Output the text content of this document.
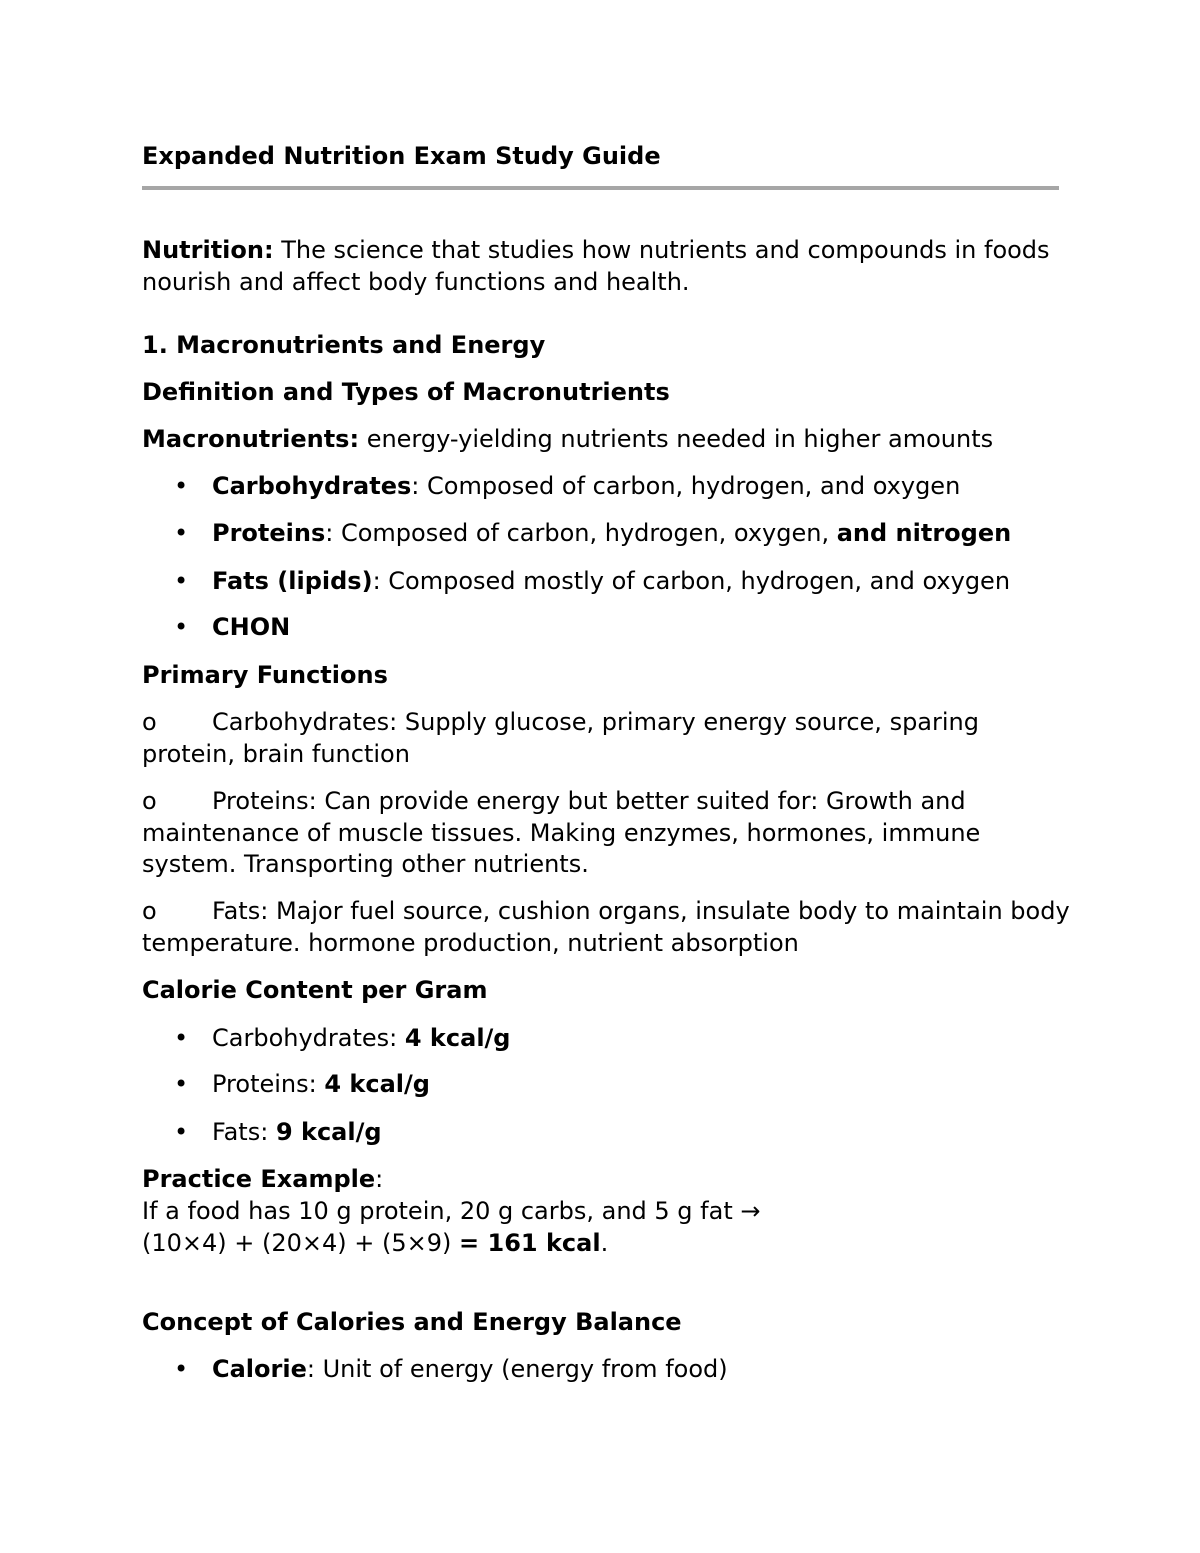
Expanded Nutrition Exam Study Guide
Nutrition: The science that studies how nutrients and compounds in foods
nourish and affect body functions and health.
1. Macronutrients and Energy
Definition and Types of Macronutrients
Macronutrients: energy-yielding nutrients needed in higher amounts
• Carbohydrates: Composed of carbon, hydrogen, and oxygen
• Proteins: Composed of carbon, hydrogen, oxygen, and nitrogen
• Fats (lipids): Composed mostly of carbon, hydrogen, and oxygen
• CHON
Primary Functions
o Carbohydrates: Supply glucose, primary energy source, sparing
protein, brain function
o Proteins: Can provide energy but better suited for: Growth and
maintenance of muscle tissues. Making enzymes, hormones, immune
system. Transporting other nutrients.
o Fats: Major fuel source, cushion organs, insulate body to maintain body
temperature. hormone production, nutrient absorption
Calorie Content per Gram
• Carbohydrates: 4 kcal/g
• Proteins: 4 kcal/g
• Fats: 9 kcal/g
Practice Example:
If a food has 10 g protein, 20 g carbs, and 5 g fat →
(10×4) + (20×4) + (5×9) = 161 kcal.
Concept of Calories and Energy Balance
• Calorie: Unit of energy (energy from food)
